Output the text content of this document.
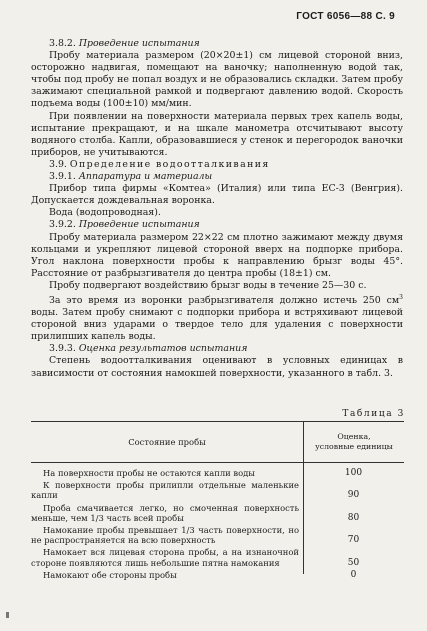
ГОСТ 6056—88 С. 9

3.8.2. Проведение испытания

Пробу материала размером (20×20±1) см лицевой стороной вниз, осторожно надвигая, помещают на ваночку; наполненную водой так, чтобы под пробу не попал воздух и не образовались складки. Затем пробу зажимают специальной рамкой и подвергают давлению водой. Скорость подъема воды (100±10) мм/мин.

При появлении на поверхности материала первых трех капель воды, испытание прекращают, и на шкале манометра отсчитывают высоту водяного столба. Капли, образовавшиеся у стенок и перегородок ваночки приборов, не учитываются.

3.9. Определение водоотталкивания

3.9.1. Аппаратура и материалы

Прибор типа фирмы «Комтеа» (Италия) или типа ЕС-3 (Венгрия). Допускается дождевальная воронка.

Вода (водопроводная).

3.9.2. Проведение испытания

Пробу материала размером 22×22 см плотно зажимают между двумя кольцами и укрепляют лицевой стороной вверх на подпорке прибора. Угол наклона поверхности пробы к направлению брызг воды 45°. Расстояние от разбрызгивателя до центра пробы (18±1) см.

Пробу подвергают воздействию брызг воды в течение 25—30 с.

За это время из воронки разбрызгивателя должно истечь 250 $см^3$ воды. Затем пробу снимают с подпорки прибора и встряхивают лицевой стороной вниз ударами о твердое тело для удаления с поверхности прилипших капель воды.

3.9.3. Оценка результатов испытания

Степень водоотталкивания оценивают в условных единицах в зависимости от состояния намокшей поверхности, указанного в табл. 3.

Таблица 3
Состояние пробы
Оценка,
условные единицы
На поверхности пробы не остаются капли воды	100
К поверхности пробы прилипли отдельные маленькие капли	90
Проба смачивается легко, но смоченная поверхность меньше, чем 1/3 часть всей пробы	80
Намокание пробы превышает 1/3 часть поверхности, но не распространяется на всю поверхность	70
Намокает вся лицевая сторона пробы, а на изнаночной стороне появляются лишь небольшие пятна намокания	50
Намокают обе стороны пробы	0
